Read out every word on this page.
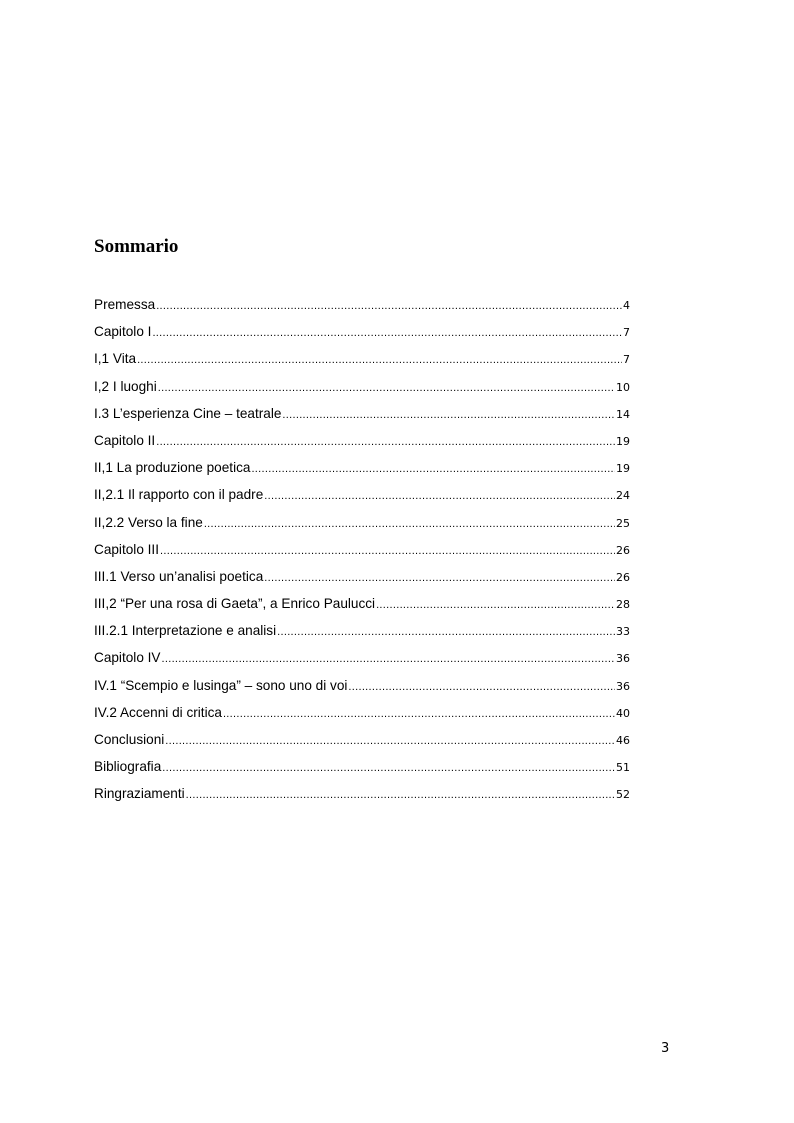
Sommario
Premessa .....	4
Capitolo I .....	7
I,1 Vita .....	7
I,2 I luoghi .....	10
I.3 L’esperienza Cine – teatrale .....	14
Capitolo II .....	19
II,1 La produzione poetica .....	19
II,2.1 Il rapporto con il padre .....	24
II,2.2 Verso la fine .....	25
Capitolo III .....	26
III.1 Verso un’analisi poetica .....	26
III,2 “Per una rosa di Gaeta”, a Enrico Paulucci .....	28
III.2.1 Interpretazione e analisi .....	33
Capitolo IV .....	36
IV.1 “Scempio e lusinga” – sono uno di voi .....	36
IV.2 Accenni di critica .....	40
Conclusioni .....	46
Bibliografia .....	51
Ringraziamenti .....	52
3
